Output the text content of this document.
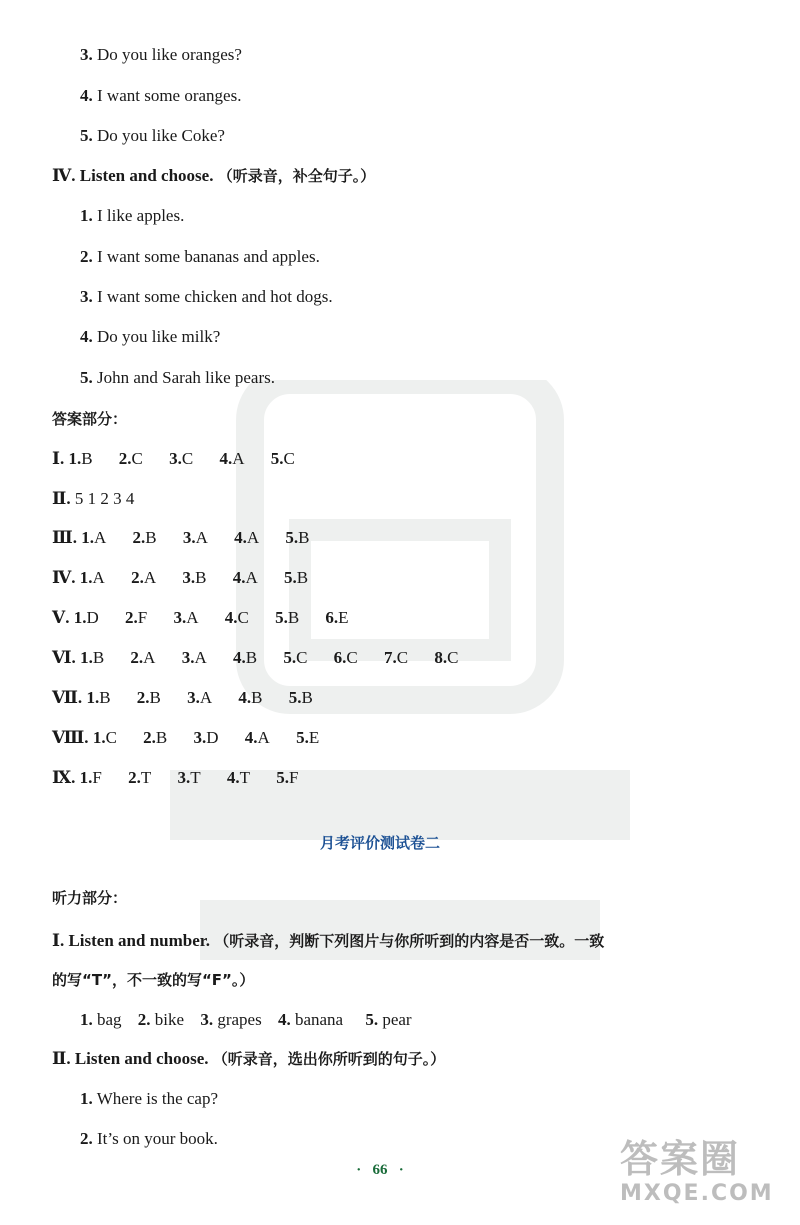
3. Do you like oranges?
4. I want some oranges.
5. Do you like Coke?
Ⅳ. Listen and choose. （听录音，补全句子。）
1. I like apples.
2. I want some bananas and apples.
3. I want some chicken and hot dogs.
4. Do you like milk?
5. John and Sarah like pears.
答案部分：
Ⅰ. 1.B 2.C 3.C 4.A 5.C
Ⅱ. 5 1 2 3 4
Ⅲ. 1.A 2.B 3.A 4.A 5.B
Ⅳ. 1.A 2.A 3.B 4.A 5.B
Ⅴ. 1.D 2.F 3.A 4.C 5.B 6.E
Ⅵ. 1.B 2.A 3.A 4.B 5.C 6.C 7.C 8.C
Ⅶ. 1.B 2.B 3.A 4.B 5.B
Ⅷ. 1.C 2.B 3.D 4.A 5.E
Ⅸ. 1.F 2.T 3.T 4.T 5.F
月考评价测试卷二
听力部分：
Ⅰ. Listen and number. （听录音，判断下列图片与你所听到的内容是否一致。一致
的写“T”，不一致的写“F”。）
1. bag 2. bike 3. grapes 4. banana 5. pear
Ⅱ. Listen and choose. （听录音，选出你所听到的句子。）
1. Where is the cap?
2. It’s on your book.
· 66 ·	答案圈
MXQE.COM
